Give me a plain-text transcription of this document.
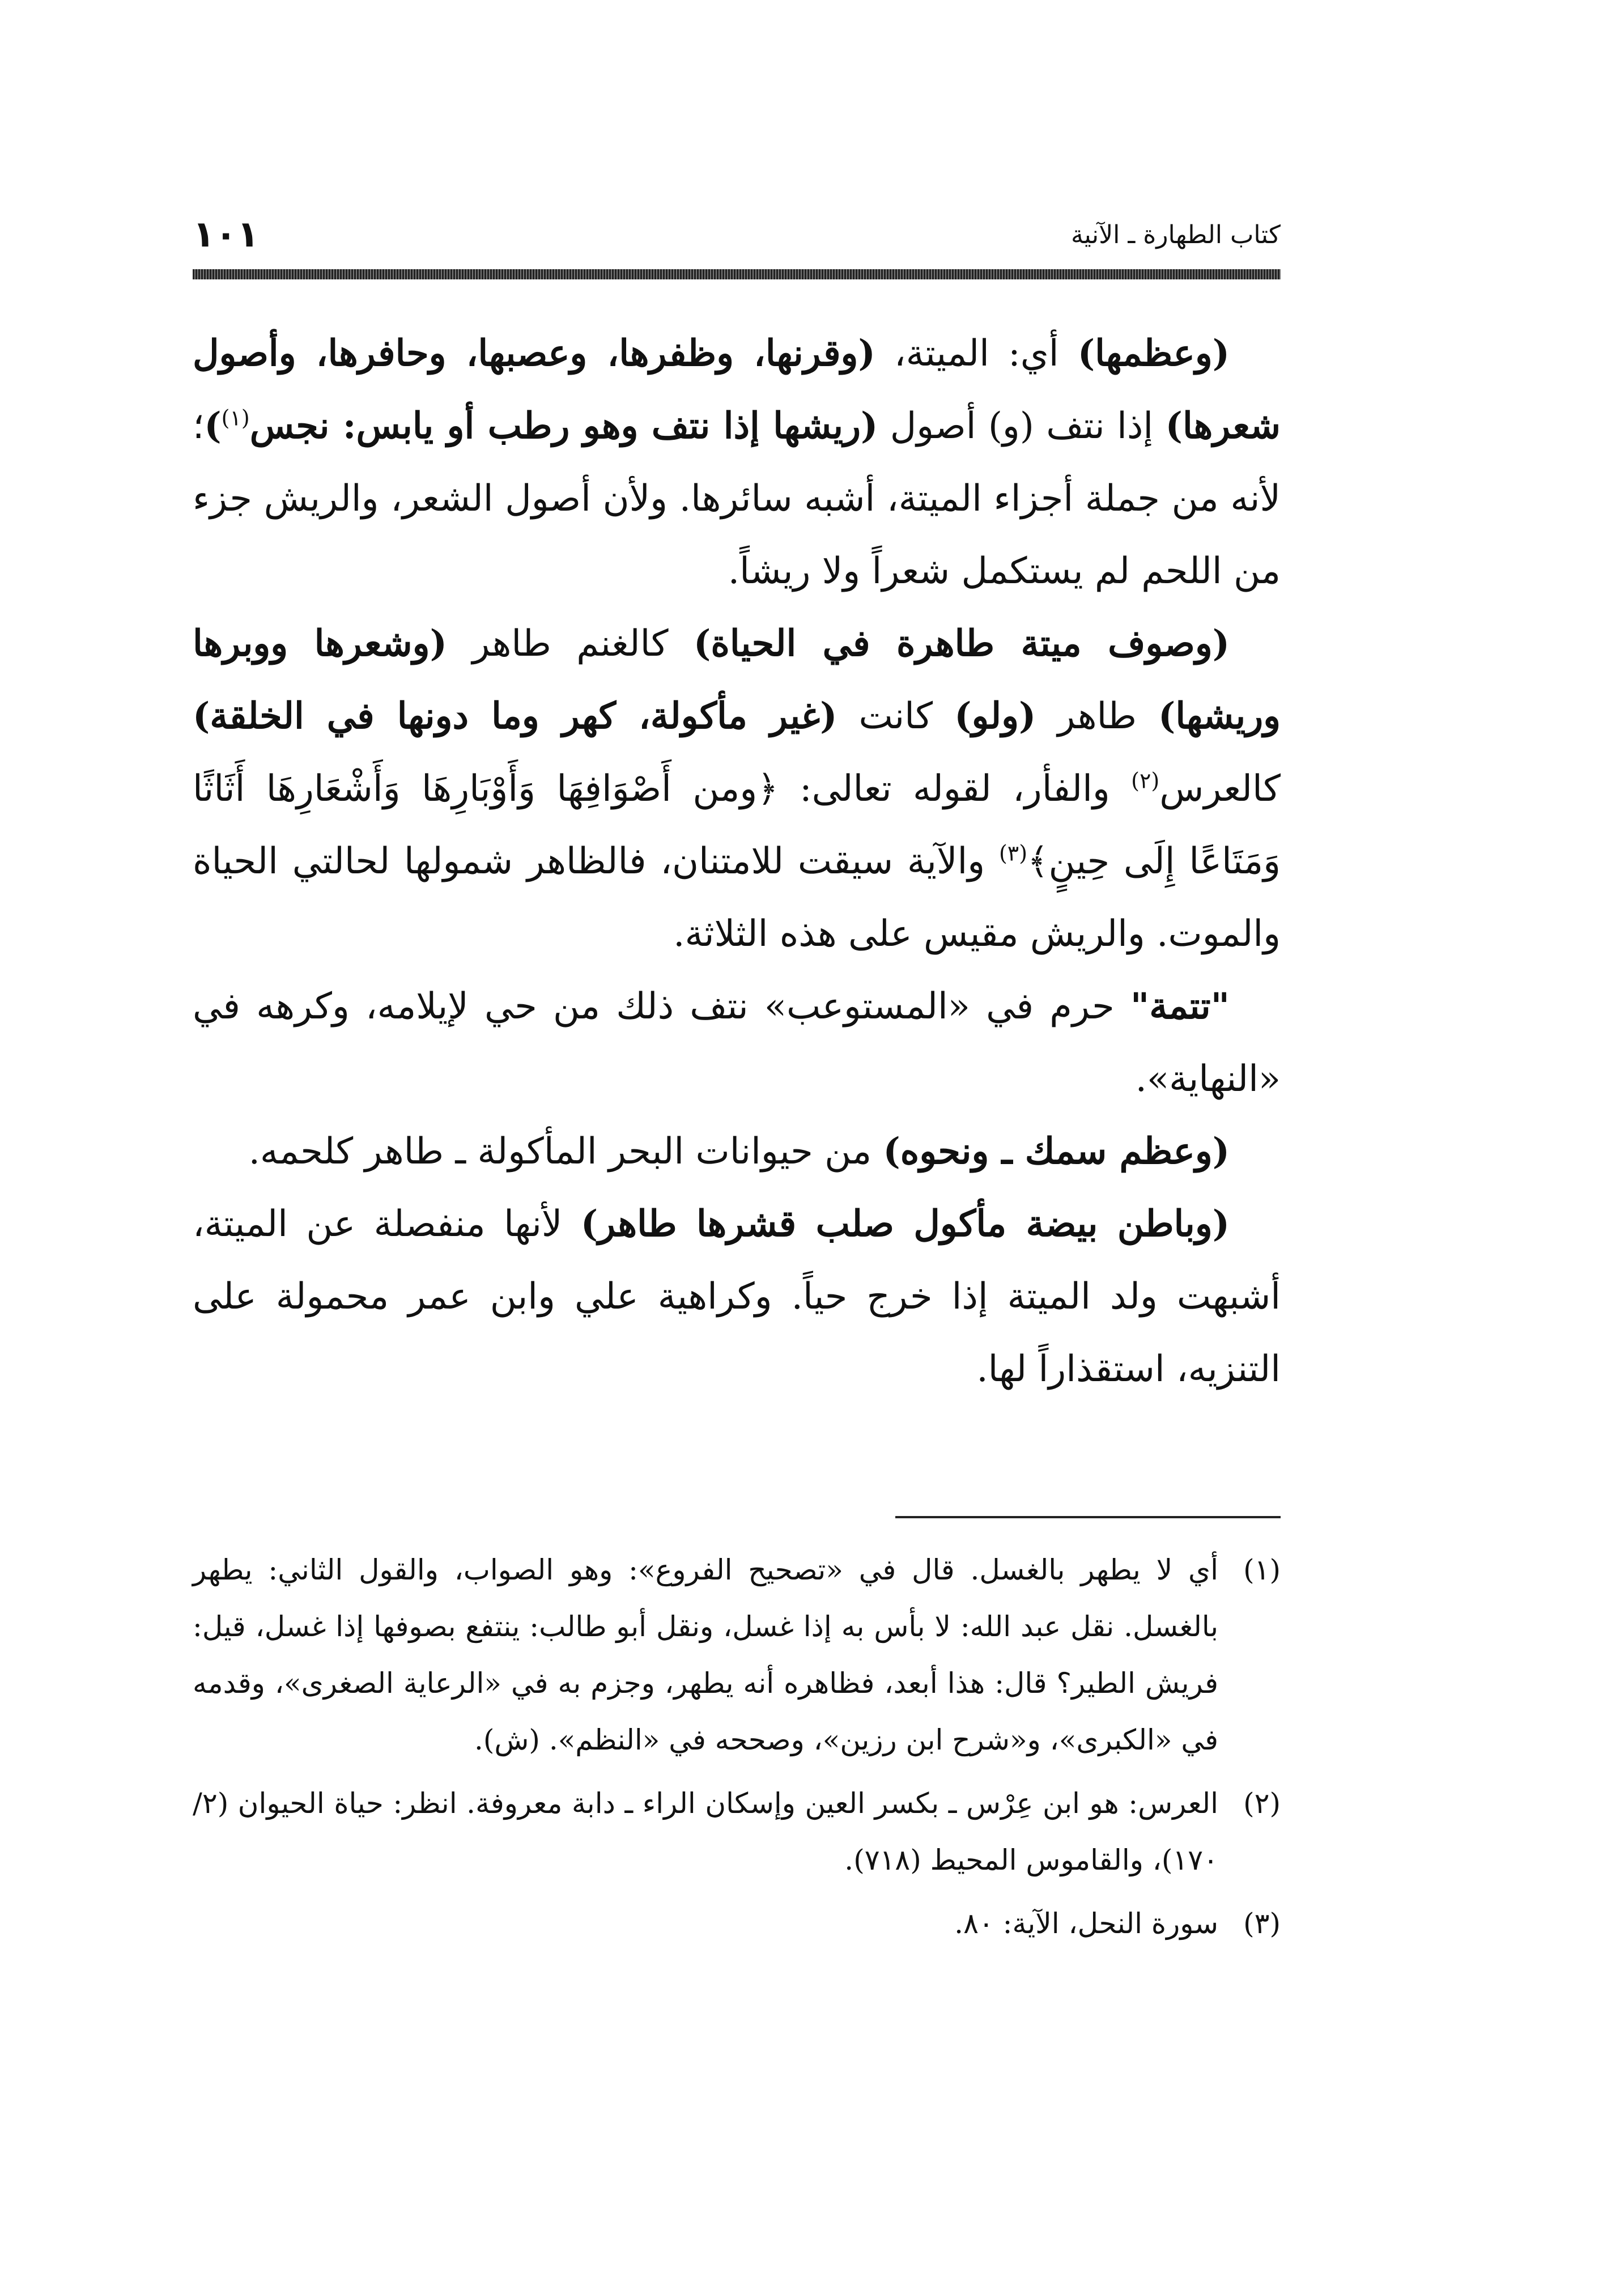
كتاب الطهارة ـ الآنية
١٠١

(وعظمها) أي: الميتة، (وقرنها، وظفرها، وعصبها، وحافرها، وأصول شعرها) إذا نتف (و) أصول (ريشها إذا نتف وهو رطب أو يابس: نجس$^{(١)}$)؛ لأنه من جملة أجزاء الميتة، أشبه سائرها. ولأن أصول الشعر، والريش جزء من اللحم لم يستكمل شعراً ولا ريشاً.

(وصوف ميتة طاهرة في الحياة) كالغنم طاهر (وشعرها ووبرها وريشها) طاهر (ولو) كانت (غير مأكولة، كهر وما دونها في الخلقة) كالعرس$^{(٢)}$ والفأر، لقوله تعالى: ﴿ومن أَصْوَافِهَا وَأَوْبَارِهَا وَأَشْعَارِهَا أَثَاثًا وَمَتَاعًا إِلَى حِينٍ﴾$^{(٣)}$ والآية سيقت للامتنان، فالظاهر شمولها لحالتي الحياة والموت. والريش مقيس على هذه الثلاثة.

"تتمة" حرم في «المستوعب» نتف ذلك من حي لإيلامه، وكرهه في «النهاية».

(وعظم سمك ـ ونحوه) من حيوانات البحر المأكولة ـ طاهر كلحمه.

(وباطن بيضة مأكول صلب قشرها طاهر) لأنها منفصلة عن الميتة، أشبهت ولد الميتة إذا خرج حياً. وكراهية علي وابن عمر محمولة على التنزيه، استقذاراً لها.

(١)
أي لا يطهر بالغسل. قال في «تصحيح الفروع»: وهو الصواب، والقول الثاني: يطهر بالغسل. نقل عبد الله: لا بأس به إذا غسل، ونقل أبو طالب: ينتفع بصوفها إذا غسل، قيل: فريش الطير؟ قال: هذا أبعد، فظاهره أنه يطهر، وجزم به في «الرعاية الصغرى»، وقدمه في «الكبرى»، و«شرح ابن رزين»، وصححه في «النظم». (ش).
(٢)
العرس: هو ابن عِرْس ـ بكسر العين وإسكان الراء ـ دابة معروفة. انظر: حياة الحيوان (٢/ ١٧٠)، والقاموس المحيط (٧١٨).
(٣)
سورة النحل، الآية: ٨٠.
